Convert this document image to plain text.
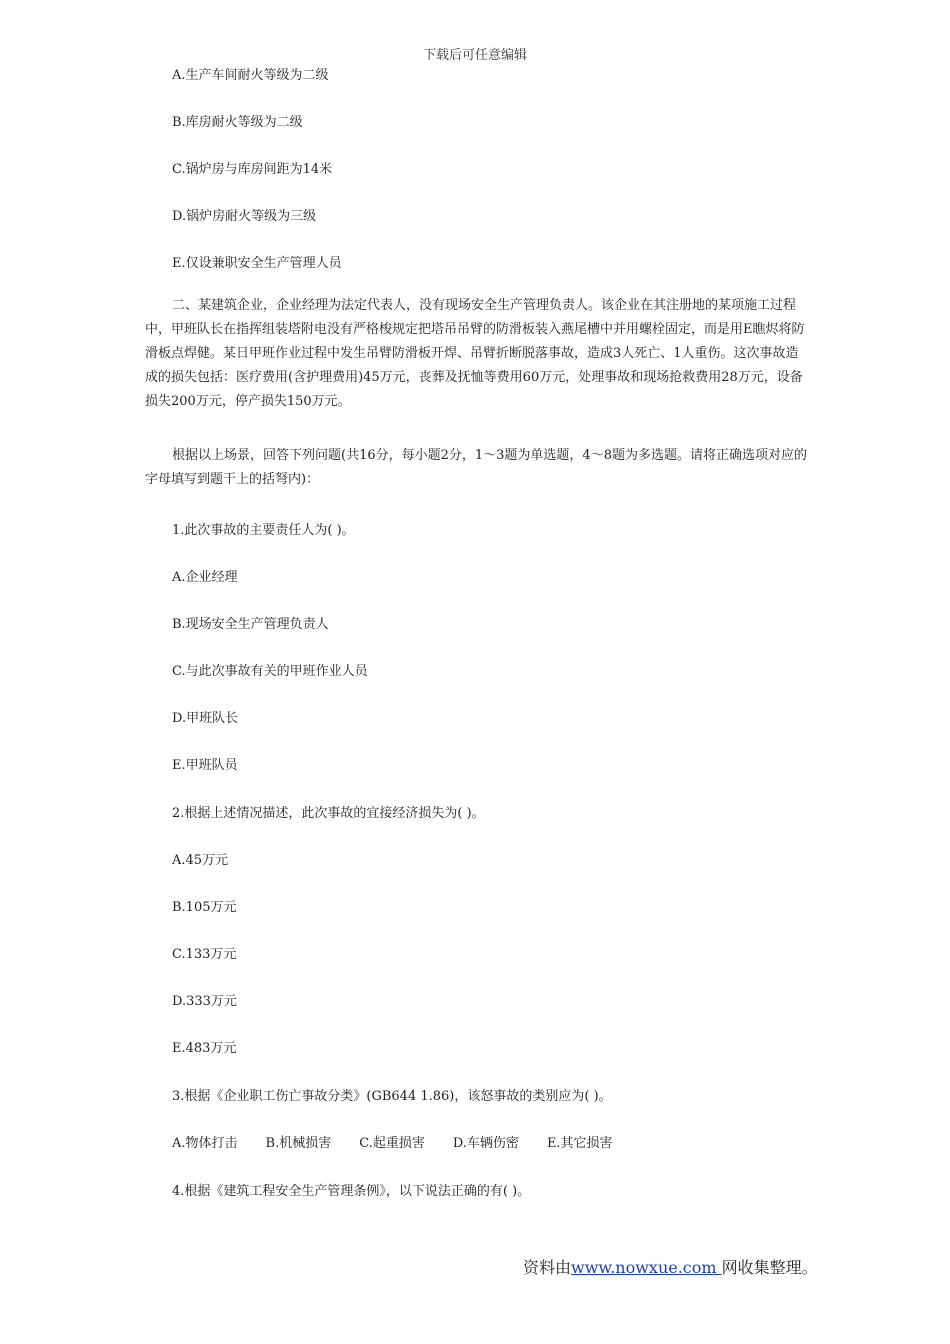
下载后可任意编辑
A.生产车间耐火等级为二级
B.库房耐火等级为二级
C.锅炉房与库房间距为14米
D.锅炉房耐火等级为三级
E.仅设兼职安全生产管理人员
二、某建筑企业，企业经理为法定代表人，没有现场安全生产管理负责人。该企业在其注册地的某项施工过程中，甲班队长在指挥组装塔附电没有严格梭规定把塔吊吊臂的防滑板装入燕尾槽中并用螺栓固定，而是用E瞧烬将防滑板点焊健。某日甲班作业过程中发生吊臂防滑板开焊、吊臂折断脱落事故，造成3人死亡、1人重伤。这次事故造成的损失包括：医疗费用(含护理费用)45万元，丧葬及抚恤等费用60万元，处理事故和现场抢救费用28万元，设备损失200万元，停产损失150万元。
根据以上场景，回答下列问题(共16分，每小题2分，1～3题为单选题，4～8题为多选题。请将正确选项对应的字母填写到题干上的括弩内)：
1.此次事故的主要责任人为( )。
A.企业经理
B.现场安全生产管理负责人
C.与此次事故有关的甲班作业人员
D.甲班队长
E.甲班队员
2.根据上述情况描述，此次事故的宜接经济损失为( )。
A.45万元
B.105万元
C.133万元
D.333万元
E.483万元
3.根据《企业职工伤亡事故分类》(GB644 1.86)，该怒事故的类别应为( )。
A.物体打击 B.机械损害 C.起重损害 D.车辆伤密 E.其它损害
4.根据《建筑工程安全生产管理条例》，以下说法正确的有( )。
资料由www.nowxue.com 网收集整理。
